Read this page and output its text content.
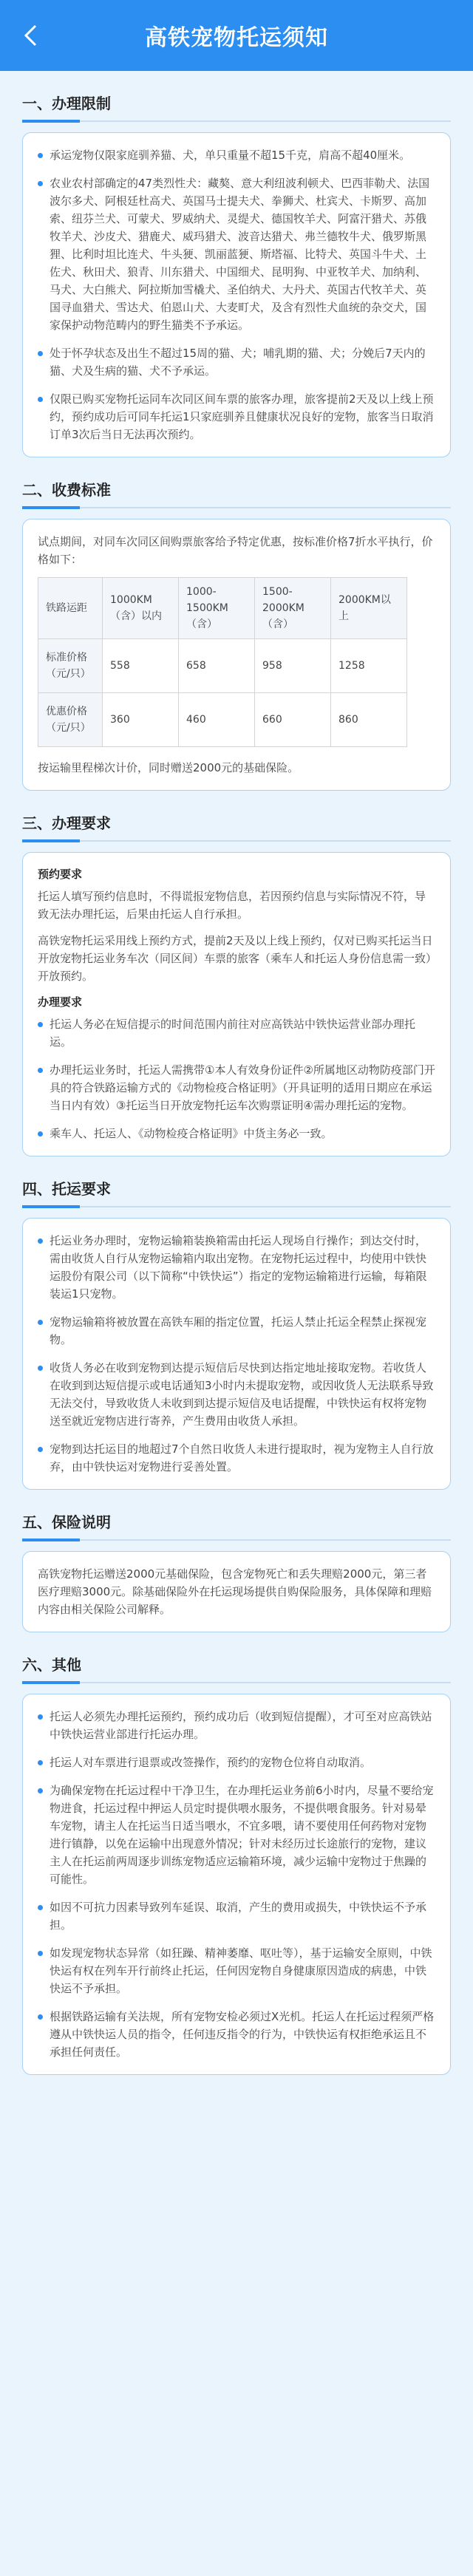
高铁宠物托运须知
一、办理限制
承运宠物仅限家庭驯养猫、犬，单只重量不超15千克，肩高不超40厘米。
农业农村部确定的47类烈性犬：藏獒、意大利纽波利顿犬、巴西菲勒犬、法国波尔多犬、阿根廷杜高犬、英国马士提夫犬、拳狮犬、杜宾犬、卡斯罗、高加索、纽芬兰犬、可蒙犬、罗威纳犬、灵缇犬、德国牧羊犬、阿富汗猎犬、苏俄牧羊犬、沙皮犬、猎鹿犬、威玛猎犬、波音达猎犬、弗兰德牧牛犬、俄罗斯黑狸、比利时坦比连犬、牛头㹴、凯丽蓝㹴、斯塔福、比特犬、英国斗牛犬、土佐犬、秋田犬、狼青、川东猎犬、中国细犬、昆明狗、中亚牧羊犬、加纳利、马犬、大白熊犬、阿拉斯加雪橇犬、圣伯纳犬、大丹犬、英国古代牧羊犬、英国寻血猎犬、雪达犬、伯恩山犬、大麦町犬，及含有烈性犬血统的杂交犬，国家保护动物范畴内的野生猫类不予承运。
处于怀孕状态及出生不超过15周的猫、犬；哺乳期的猫、犬；分娩后7天内的猫、犬及生病的猫、犬不予承运。
仅限已购买宠物托运同车次同区间车票的旅客办理，旅客提前2天及以上线上预约，预约成功后可同车托运1只家庭驯养且健康状况良好的宠物，旅客当日取消订单3次后当日无法再次预约。
二、收费标准

试点期间，对同车次同区间购票旅客给予特定优惠，按标准价格7折水平执行，价格如下：

铁路运距	1000KM（含）以内	1000-1500KM（含）	1500-2000KM（含）	2000KM以上
标准价格（元/只）	558	658	958	1258
优惠价格（元/只）	360	460	660	860

按运输里程梯次计价，同时赠送2000元的基础保险。

三、办理要求
预约要求

托运人填写预约信息时，不得谎报宠物信息，若因预约信息与实际情况不符，导致无法办理托运，后果由托运人自行承担。

高铁宠物托运采用线上预约方式，提前2天及以上线上预约，仅对已购买托运当日开放宠物托运业务车次（同区间）车票的旅客（乘车人和托运人身份信息需一致）开放预约。

办理要求
托运人务必在短信提示的时间范围内前往对应高铁站中铁快运营业部办理托运。
办理托运业务时，托运人需携带①本人有效身份证件②所属地区动物防疫部门开具的符合铁路运输方式的《动物检疫合格证明》（开具证明的适用日期应在承运当日内有效）③托运当日开放宠物托运车次购票证明④需办理托运的宠物。
乘车人、托运人、《动物检疫合格证明》中货主务必一致。
四、托运要求
托运业务办理时，宠物运输箱装换箱需由托运人现场自行操作；到达交付时，需由收货人自行从宠物运输箱内取出宠物。在宠物托运过程中，均使用中铁快运股份有限公司（以下简称“中铁快运”）指定的宠物运输箱进行运输，每箱限装运1只宠物。
宠物运输箱将被放置在高铁车厢的指定位置，托运人禁止托运全程禁止探视宠物。
收货人务必在收到宠物到达提示短信后尽快到达指定地址接取宠物。若收货人在收到到达短信提示或电话通知3小时内未提取宠物，或因收货人无法联系导致无法交付，导致收货人未收到到达提示短信及电话提醒，中铁快运有权将宠物送至就近宠物店进行寄养，产生费用由收货人承担。
宠物到达托运目的地超过7个自然日收货人未进行提取时，视为宠物主人自行放弃，由中铁快运对宠物进行妥善处置。
五、保险说明

高铁宠物托运赠送2000元基础保险，包含宠物死亡和丢失理赔2000元，第三者医疗理赔3000元。除基础保险外在托运现场提供自购保险服务，具体保障和理赔内容由相关保险公司解释。

六、其他
托运人必须先办理托运预约，预约成功后（收到短信提醒），才可至对应高铁站中铁快运营业部进行托运办理。
托运人对车票进行退票或改签操作，预约的宠物仓位将自动取消。
为确保宠物在托运过程中干净卫生，在办理托运业务前6小时内，尽量不要给宠物进食，托运过程中押运人员定时提供喂水服务，不提供喂食服务。针对易晕车宠物，请主人在托运当日适当喂水，不宜多喂，请不要使用任何药物对宠物进行镇静，以免在运输中出现意外情况；针对未经历过长途旅行的宠物，建议主人在托运前两周逐步训练宠物适应运输箱环境，减少运输中宠物过于焦躁的可能性。
如因不可抗力因素导致列车延误、取消，产生的费用或损失，中铁快运不予承担。
如发现宠物状态异常（如狂躁、精神萎靡、呕吐等），基于运输安全原则，中铁快运有权在列车开行前终止托运，任何因宠物自身健康原因造成的病患，中铁快运不予承担。
根据铁路运输有关法规，所有宠物安检必须过X光机。托运人在托运过程须严格遵从中铁快运人员的指令，任何违反指令的行为，中铁快运有权拒绝承运且不承担任何责任。
